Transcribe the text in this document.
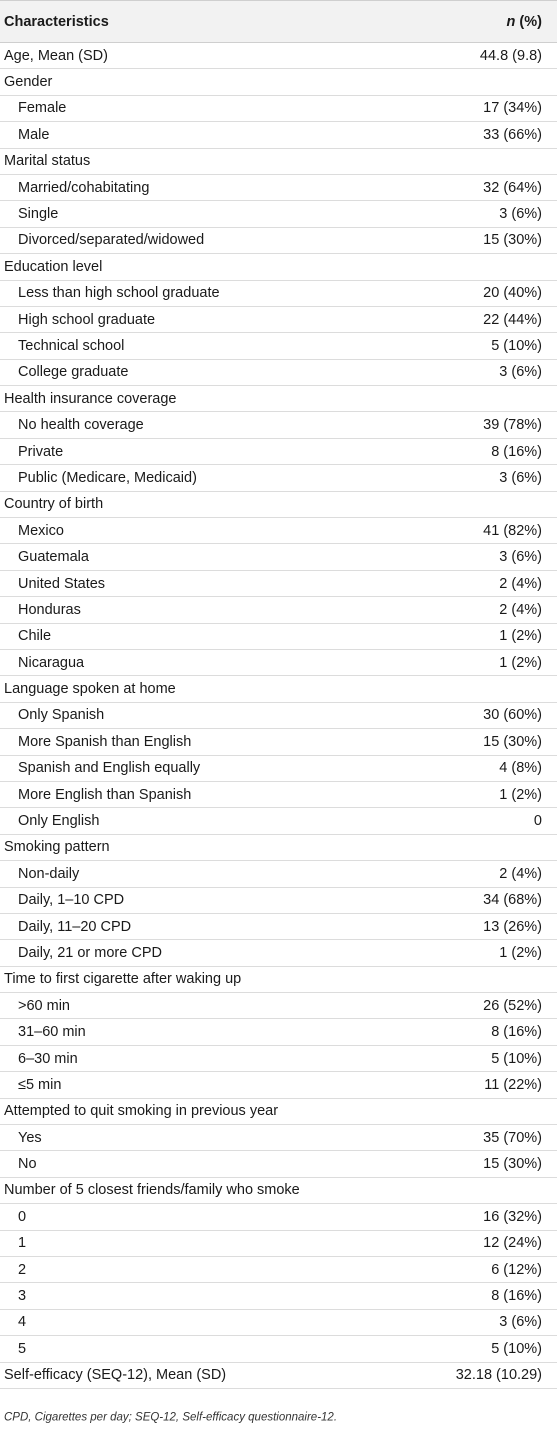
Characteristics	n (%)
Age, Mean (SD)	44.8 (9.8)
Gender
Female	17 (34%)
Male	33 (66%)
Marital status
Married/cohabitating	32 (64%)
Single	3 (6%)
Divorced/separated/widowed	15 (30%)
Education level
Less than high school graduate	20 (40%)
High school graduate	22 (44%)
Technical school	5 (10%)
College graduate	3 (6%)
Health insurance coverage
No health coverage	39 (78%)
Private	8 (16%)
Public (Medicare, Medicaid)	3 (6%)
Country of birth
Mexico	41 (82%)
Guatemala	3 (6%)
United States	2 (4%)
Honduras	2 (4%)
Chile	1 (2%)
Nicaragua	1 (2%)
Language spoken at home
Only Spanish	30 (60%)
More Spanish than English	15 (30%)
Spanish and English equally	4 (8%)
More English than Spanish	1 (2%)
Only English	0
Smoking pattern
Non-daily	2 (4%)
Daily, 1–10 CPD	34 (68%)
Daily, 11–20 CPD	13 (26%)
Daily, 21 or more CPD	1 (2%)
Time to first cigarette after waking up
>60 min	26 (52%)
31–60 min	8 (16%)
6–30 min	5 (10%)
≤5 min	11 (22%)
Attempted to quit smoking in previous year
Yes	35 (70%)
No	15 (30%)
Number of 5 closest friends/family who smoke
0	16 (32%)
1	12 (24%)
2	6 (12%)
3	8 (16%)
4	3 (6%)
5	5 (10%)
Self-efficacy (SEQ-12), Mean (SD)	32.18 (10.29)
CPD, Cigarettes per day; SEQ-12, Self-efficacy questionnaire-12.
